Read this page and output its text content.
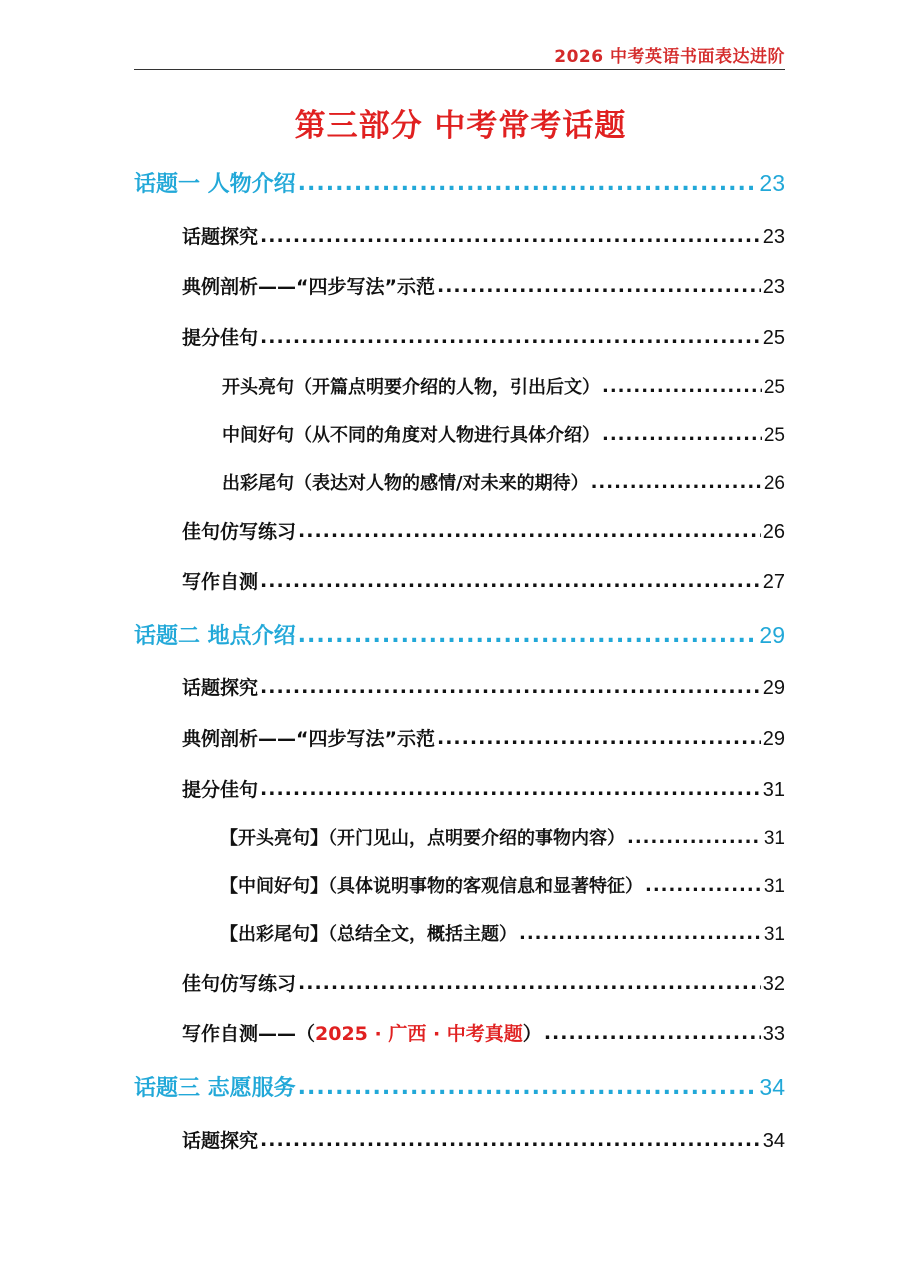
2026 中考英语书面表达进阶
第三部分 中考常考话题
话题一 人物介绍 .....	23
话题探究 .....	23
典例剖析——“四步写法”示范 .....	23
提分佳句 .....	25
开头亮句（开篇点明要介绍的人物，引出后文） .....	25
中间好句（从不同的角度对人物进行具体介绍） .....	25
出彩尾句（表达对人物的感情/对未来的期待） .....	26
佳句仿写练习 .....	26
写作自测 .....	27
话题二 地点介绍 .....	29
话题探究 .....	29
典例剖析——“四步写法”示范 .....	29
提分佳句 .....	31
【开头亮句】（开门见山，点明要介绍的事物内容） .....	31
【中间好句】（具体说明事物的客观信息和显著特征） .....	31
【出彩尾句】（总结全文，概括主题） .....	31
佳句仿写练习 .....	32
写作自测——（2025 · 广西 · 中考真题） .....	33
话题三 志愿服务 .....	34
话题探究 .....	34
